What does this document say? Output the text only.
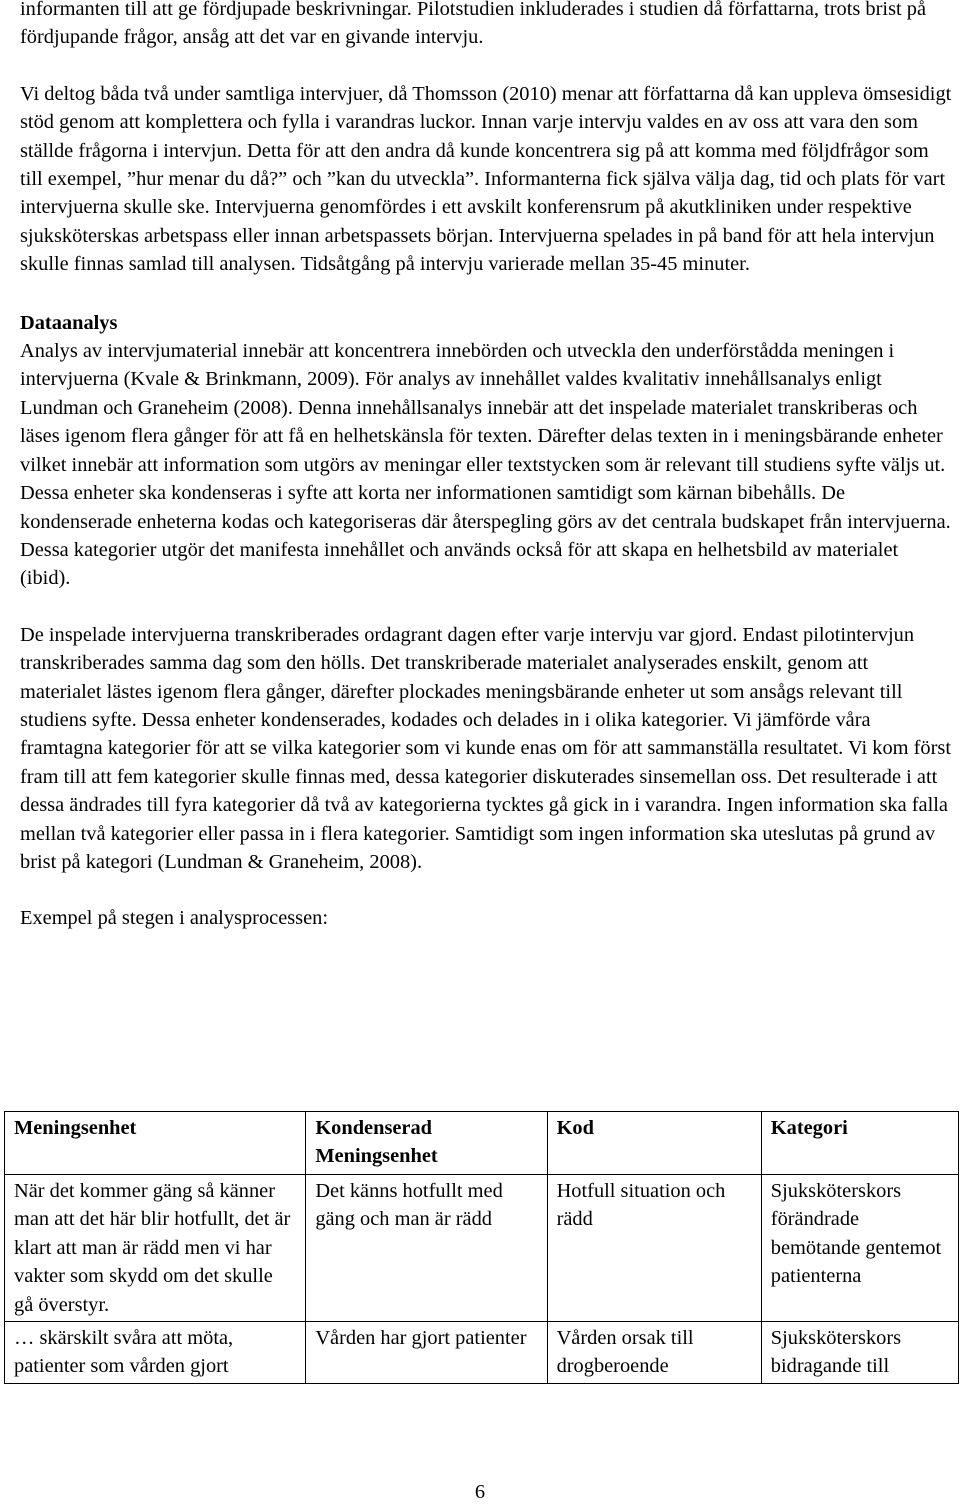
informanten till att ge fördjupade beskrivningar. Pilotstudien inkluderades i studien då författarna, trots brist på fördjupande frågor, ansåg att det var en givande intervju.

Vi deltog båda två under samtliga intervjuer, då Thomsson (2010) menar att författarna då kan uppleva ömsesidigt stöd genom att komplettera och fylla i varandras luckor. Innan varje intervju valdes en av oss att vara den som ställde frågorna i intervjun. Detta för att den andra då kunde koncentrera sig på att komma med följdfrågor som till exempel, ”hur menar du då?” och ”kan du utveckla”. Informanterna fick själva välja dag, tid och plats för vart intervjuerna skulle ske. Intervjuerna genomfördes i ett avskilt konferensrum på akutkliniken under respektive sjuksköterskas arbetspass eller innan arbetspassets början. Intervjuerna spelades in på band för att hela intervjun skulle finnas samlad till analysen. Tidsåtgång på intervju varierade mellan 35-45 minuter.

Dataanalys

Analys av intervjumaterial innebär att koncentrera innebörden och utveckla den underförstådda meningen i intervjuerna (Kvale & Brinkmann, 2009). För analys av innehållet valdes kvalitativ innehållsanalys enligt Lundman och Graneheim (2008). Denna innehållsanalys innebär att det inspelade materialet transkriberas och läses igenom flera gånger för att få en helhetskänsla för texten. Därefter delas texten in i meningsbärande enheter vilket innebär att information som utgörs av meningar eller textstycken som är relevant till studiens syfte väljs ut. Dessa enheter ska kondenseras i syfte att korta ner informationen samtidigt som kärnan bibehålls. De kondenserade enheterna kodas och kategoriseras där återspegling görs av det centrala budskapet från intervjuerna. Dessa kategorier utgör det manifesta innehållet och används också för att skapa en helhetsbild av materialet (ibid).

De inspelade intervjuerna transkriberades ordagrant dagen efter varje intervju var gjord. Endast pilotintervjun transkriberades samma dag som den hölls. Det transkriberade materialet analyserades enskilt, genom att materialet lästes igenom flera gånger, därefter plockades meningsbärande enheter ut som ansågs relevant till studiens syfte. Dessa enheter kondenserades, kodades och delades in i olika kategorier. Vi jämförde våra framtagna kategorier för att se vilka kategorier som vi kunde enas om för att sammanställa resultatet. Vi kom först fram till att fem kategorier skulle finnas med, dessa kategorier diskuterades sinsemellan oss. Det resulterade i att dessa ändrades till fyra kategorier då två av kategorierna tycktes gå gick in i varandra. Ingen information ska falla mellan två kategorier eller passa in i flera kategorier. Samtidigt som ingen information ska uteslutas på grund av brist på kategori (Lundman & Graneheim, 2008).

Exempel på stegen i analysprocessen:

Meningsenhet	Kondenserad Meningsenhet	Kod	Kategori
När det kommer gäng så känner man att det här blir hotfullt, det är klart att man är rädd men vi har vakter som skydd om det skulle gå överstyr.	Det känns hotfullt med gäng och man är rädd	Hotfull situation och rädd	Sjuksköterskors förändrade bemötande gentemot patienterna
… skärskilt svåra att möta, patienter som vården gjort	Vården har gjort patienter	Vården orsak till drogberoende	Sjuksköterskors bidragande till
6
